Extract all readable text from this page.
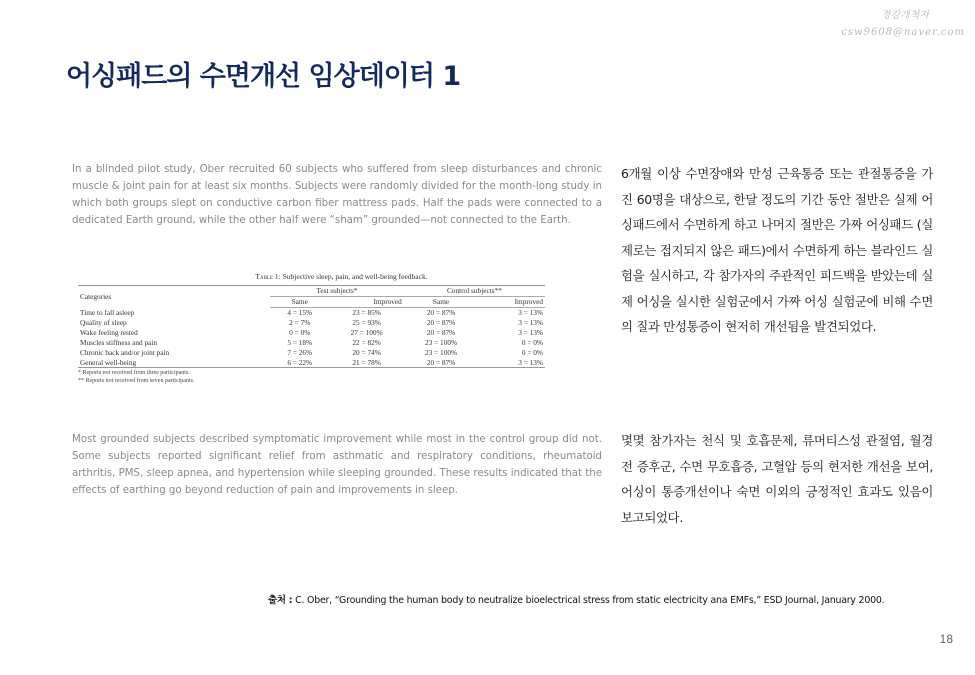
경강개척자
csw9608@naver.com
어싱패드의 수면개선 임상데이터 1

In a blinded pilot study, Ober recruited 60 subjects who suffered from sleep disturbances and chronic muscle & joint pain for at least six months. Subjects were randomly divided for the month-long study in which both groups slept on conductive carbon fiber mattress pads. Half the pads were connected to a dedicated Earth ground, while the other half were “sham” grounded—not connected to the Earth.

Table 1: Subjective sleep, pain, and well-being feedback.
Categories	Test subjects*		Control subjects**	
	Same	Improved	Same	Improved
Time to fall asleep	4 = 15%	23 = 85%	20 = 87%	3 = 13%
Quality of sleep	2 = 7%	25 = 93%	20 = 87%	3 = 13%
Wake feeling rested	0 = 0%	27 = 100%	20 = 87%	3 = 13%
Muscles stiffness and pain	5 = 18%	22 = 82%	23 = 100%	0 = 0%
Chronic back and/or joint pain	7 = 26%	20 = 74%	23 = 100%	0 = 0%
General well-being	6 = 22%	21 = 78%	20 = 87%	3 = 13%
* Reports not received from three participants.
** Reports not received from seven participants.

Most grounded subjects described symptomatic improvement while most in the control group did not. Some subjects reported significant relief from asthmatic and respiratory conditions, rheumatoid arthritis, PMS, sleep apnea, and hypertension while sleeping grounded. These results indicated that the effects of earthing go beyond reduction of pain and improvements in sleep.

6개월 이상 수면장애와 만성 근육통증 또는 관절통증을 가진 60명을 대상으로, 한달 정도의 기간 동안 절반은 실제 어싱패드에서 수면하게 하고 나머지 절반은 가짜 어싱패드 (실제로는 접지되지 않은 패드)에서 수면하게 하는 블라인드 실험을 실시하고, 각 참가자의 주관적인 피드백을 받았는데 실제 어싱을 실시한 실험군에서 가짜 어싱 실험군에 비해 수면의 질과 만성통증이 현저히 개선됨을 발견되었다.

몇몇 참가자는 천식 및 호흡문제, 류머티스성 관절염, 월경전 증후군, 수면 무호흡증, 고혈압 등의 현저한 개선을 보여, 어싱이 통증개선이나 숙면 이외의 긍정적인 효과도 있음이 보고되었다.

출처 : C. Ober, “Grounding the human body to neutralize bioelectrical stress from static electricity ana EMFs,” ESD Journal, January 2000.
18
